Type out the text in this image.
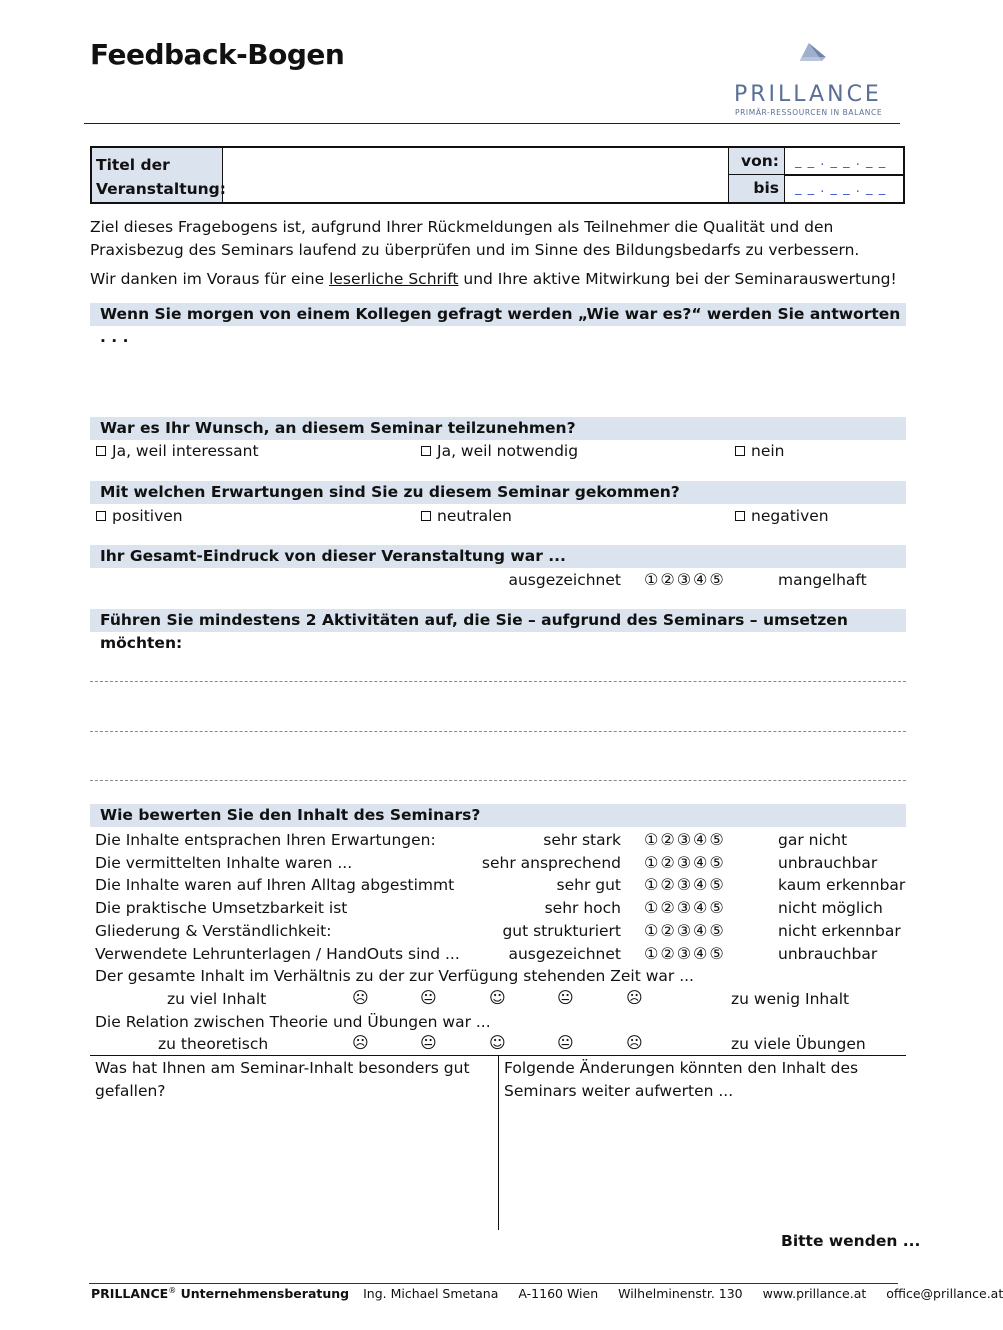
Feedback-Bogen
PRILLANCE
PRIMÄR-RESSOURCEN IN BALANCE
Titel der
Veranstaltung:
von:	_ _ . _ _ . _ _
bis	_ _ . _ _ . _ _
Ziel dieses Fragebogens ist, aufgrund Ihrer Rückmeldungen als Teilnehmer die Qualität und den Praxisbezug des Seminars laufend zu überprüfen und im Sinne des Bildungsbedarfs zu verbessern.
Wir danken im Voraus für eine leserliche Schrift und Ihre aktive Mitwirkung bei der Seminarauswertung!
Wenn Sie morgen von einem Kollegen gefragt werden „Wie war es?“ werden Sie antworten . . .
War es Ihr Wunsch, an diesem Seminar teilzunehmen?
Ja, weil interessant	Ja, weil notwendig	nein
Mit welchen Erwartungen sind Sie zu diesem Seminar gekommen?
positiven	neutralen	negativen
Ihr Gesamt-Eindruck von dieser Veranstaltung war ...
ausgezeichnet ①②③④⑤	mangelhaft
Führen Sie mindestens 2 Aktivitäten auf, die Sie – aufgrund des Seminars – umsetzen möchten:
Wie bewerten Sie den Inhalt des Seminars?
Die Inhalte entsprachen Ihren Erwartungen:	sehr stark ①②③④⑤	gar nicht
Die vermittelten Inhalte waren ...	sehr ansprechend ①②③④⑤	unbrauchbar
Die Inhalte waren auf Ihren Alltag abgestimmt	sehr gut ①②③④⑤	kaum erkennbar
Die praktische Umsetzbarkeit ist	sehr hoch ①②③④⑤	nicht möglich
Gliederung & Verständlichkeit:	gut strukturiert ①②③④⑤	nicht erkennbar
Verwendete Lehrunterlagen / HandOuts sind ...	ausgezeichnet ①②③④⑤	unbrauchbar
Der gesamte Inhalt im Verhältnis zu der zur Verfügung stehenden Zeit war ...
zu viel Inhalt	☹	😐	☺	😐	☹	zu wenig Inhalt
Die Relation zwischen Theorie und Übungen war ...
zu theoretisch	☹	😐	☺	😐	☹	zu viele Übungen
Was hat Ihnen am Seminar-Inhalt besonders gut
gefallen?
Folgende Änderungen könnten den Inhalt des
Seminars weiter aufwerten ...
Bitte wenden ...
PRILLANCE® Unternehmensberatung Ing. Michael Smetana A-1160 Wien Wilhelminenstr. 130 www.prillance.at office@prillance.at
